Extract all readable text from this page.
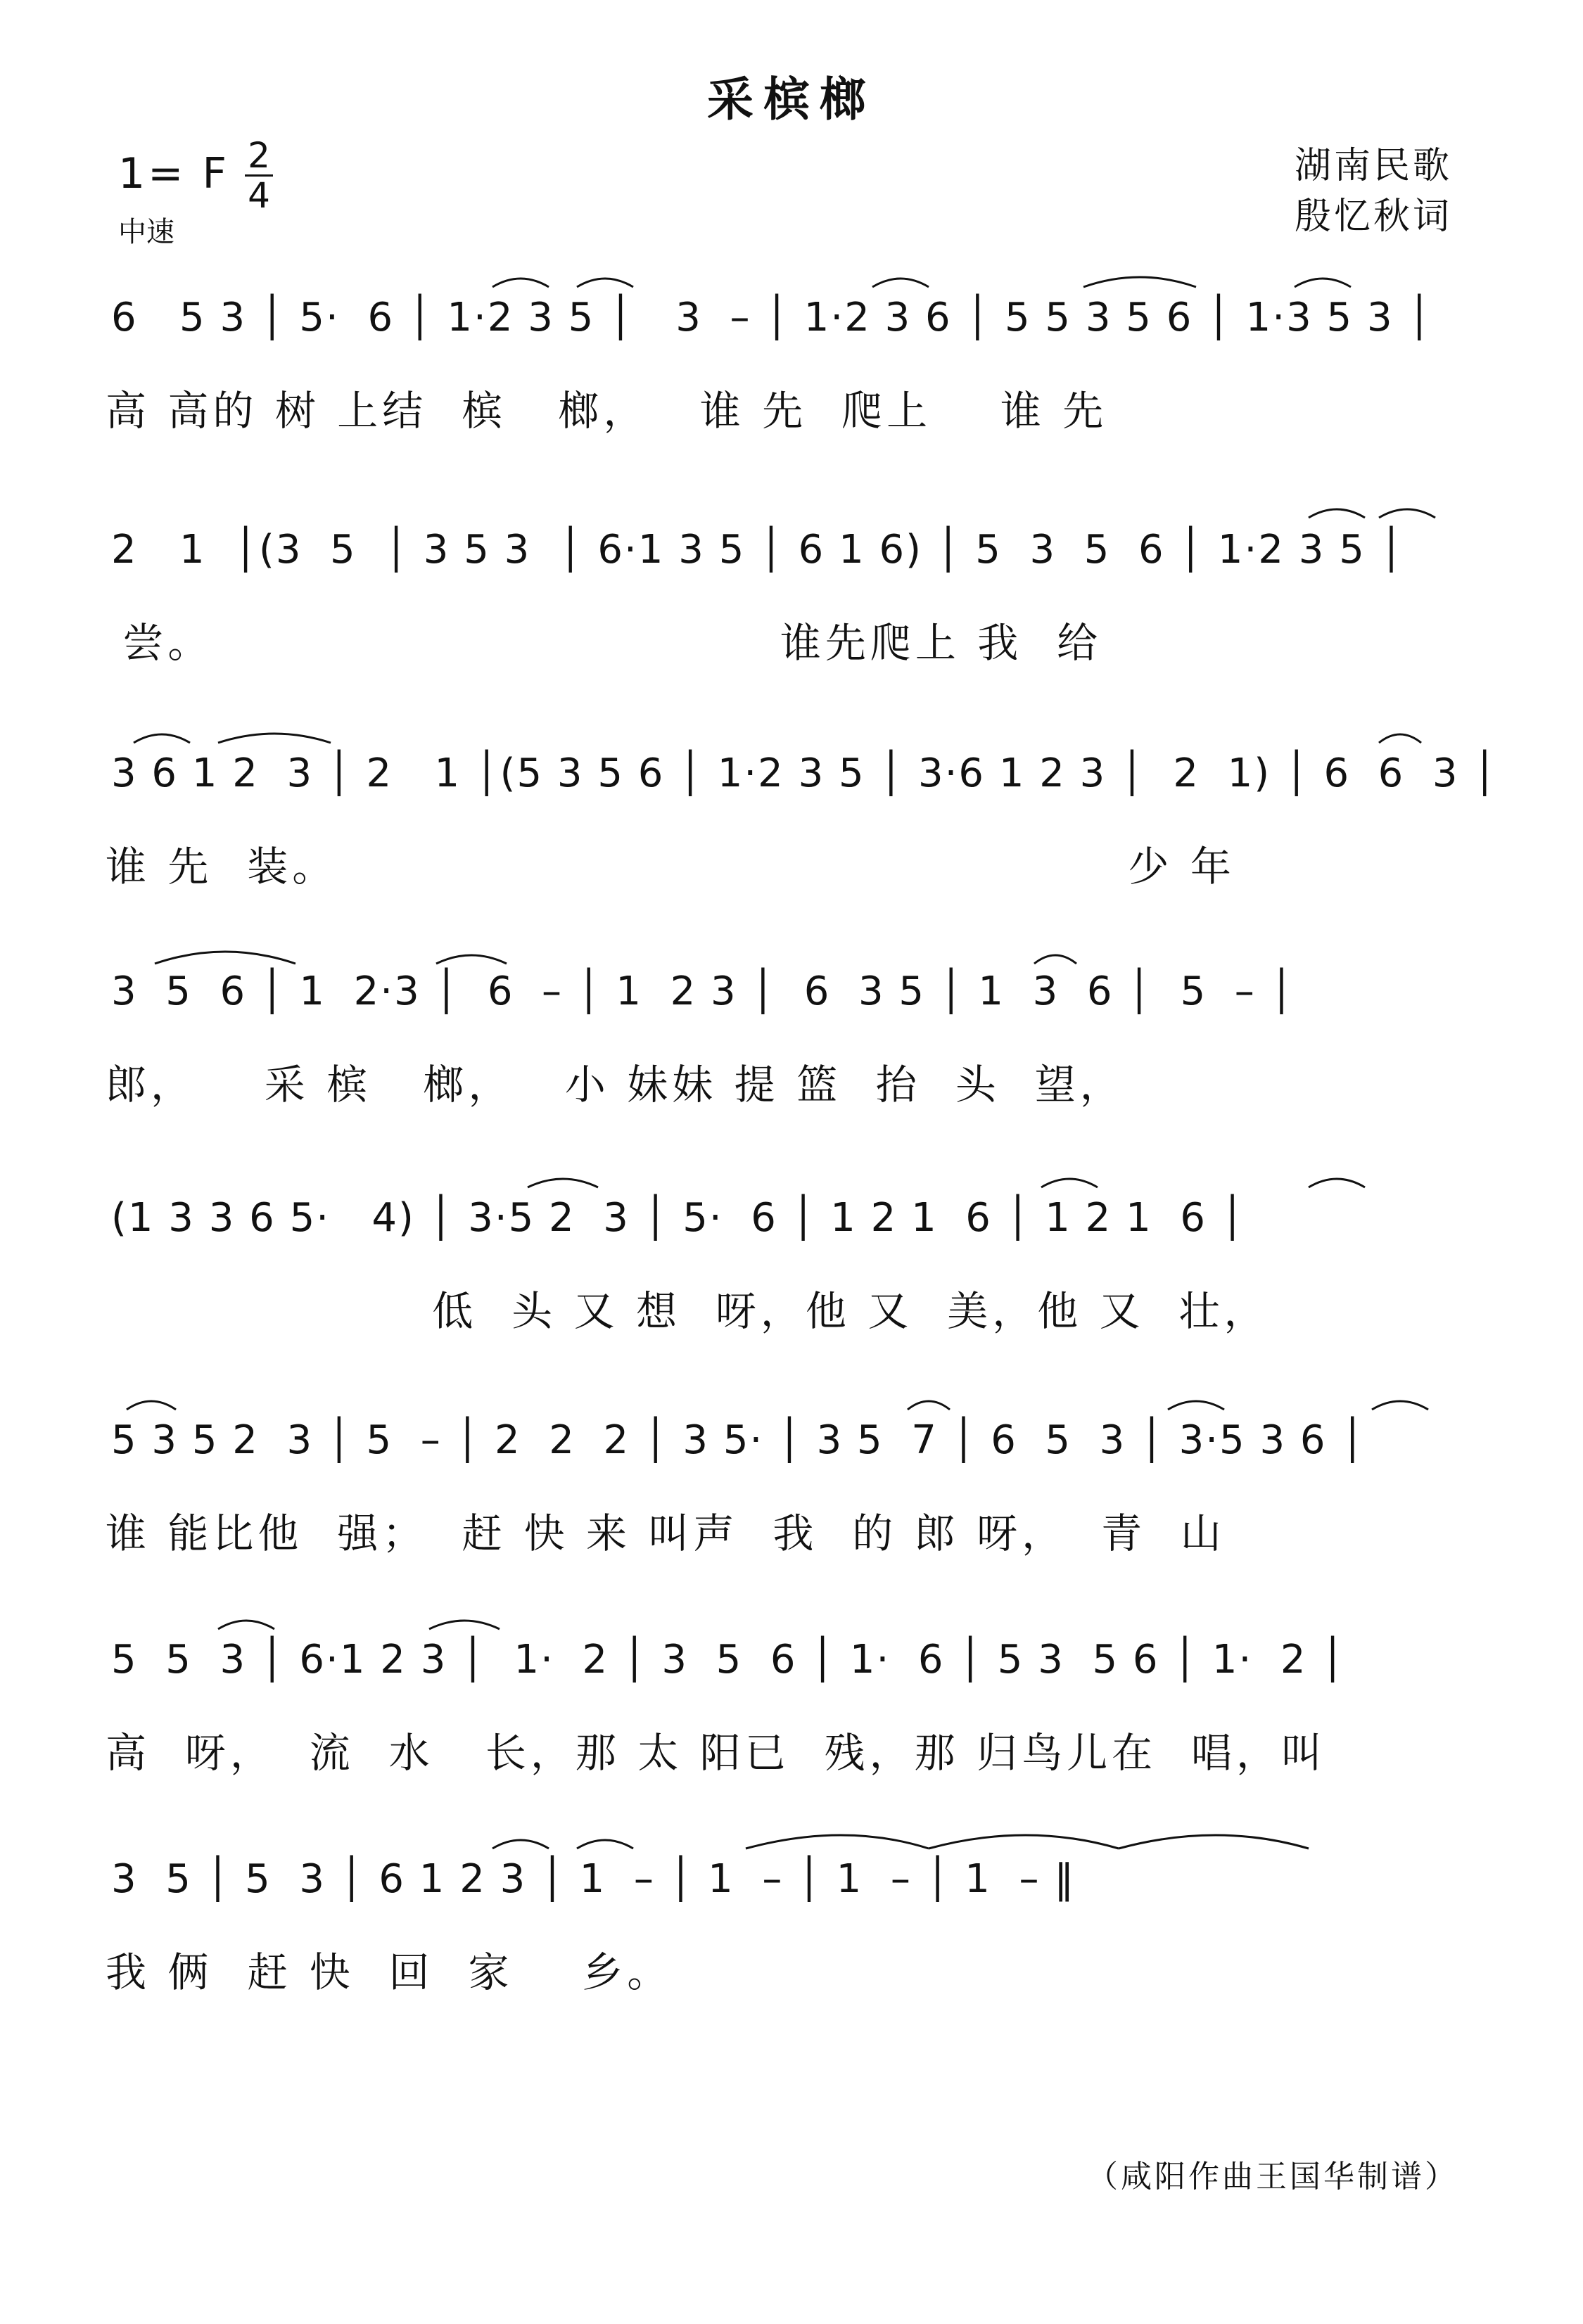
采槟榔
1= F 2
4
中速
湖南民歌
殷忆秋词
6   5 3 │ 5·  6 │ 1·2 3 5 │   3  – │ 1·2 3 6 │ 5 5 3 5 6 │ 1·3 5 3 │
高 高的 树 上结  槟   榔，   谁 先  爬上    谁 先
2   1  │(3  5  │ 3 5 3  │ 6·1 3 5 │ 6 1 6) │ 5  3  5  6 │ 1·2 3 5 │
尝。                                 谁先爬上 我  给
3 6 1 2  3 │ 2   1 │(5 3 5 6 │ 1·2 3 5 │ 3·6 1 2 3 │  2  1) │ 6  6  3 │
谁 先  装。                                              少 年
3  5  6 │ 1  2·3 │  6  – │ 1  2 3 │  6  3 5 │ 1  3  6 │  5  – │
郎，    采 槟   榔，   小 妹妹 提 篮  抬  头  望，
(1 3 3 6 5·   4) │ 3·5 2  3 │ 5·  6 │ 1 2 1  6 │ 1 2 1  6 │
低  头 又 想  呀，他 又  美，他 又  壮，
5 3 5 2  3 │ 5  – │ 2  2  2 │ 3 5· │ 3 5  7 │ 6  5  3 │ 3·5 3 6 │
谁 能比他  强；  赶 快 来 叫声  我  的 郎 呀，  青  山
5  5  3 │ 6·1 2 3 │  1·  2 │ 3  5  6 │ 1·  6 │ 5 3  5 6 │ 1·  2 │
高  呀，  流  水   长，那 太 阳已  残，那 归鸟儿在  唱，叫
3  5 │ 5  3 │ 6 1 2 3 │ 1  – │ 1  – │ 1  – │ 1  – ‖
我 俩  赶 快  回  家    乡。
（咸阳作曲王国华制谱）
